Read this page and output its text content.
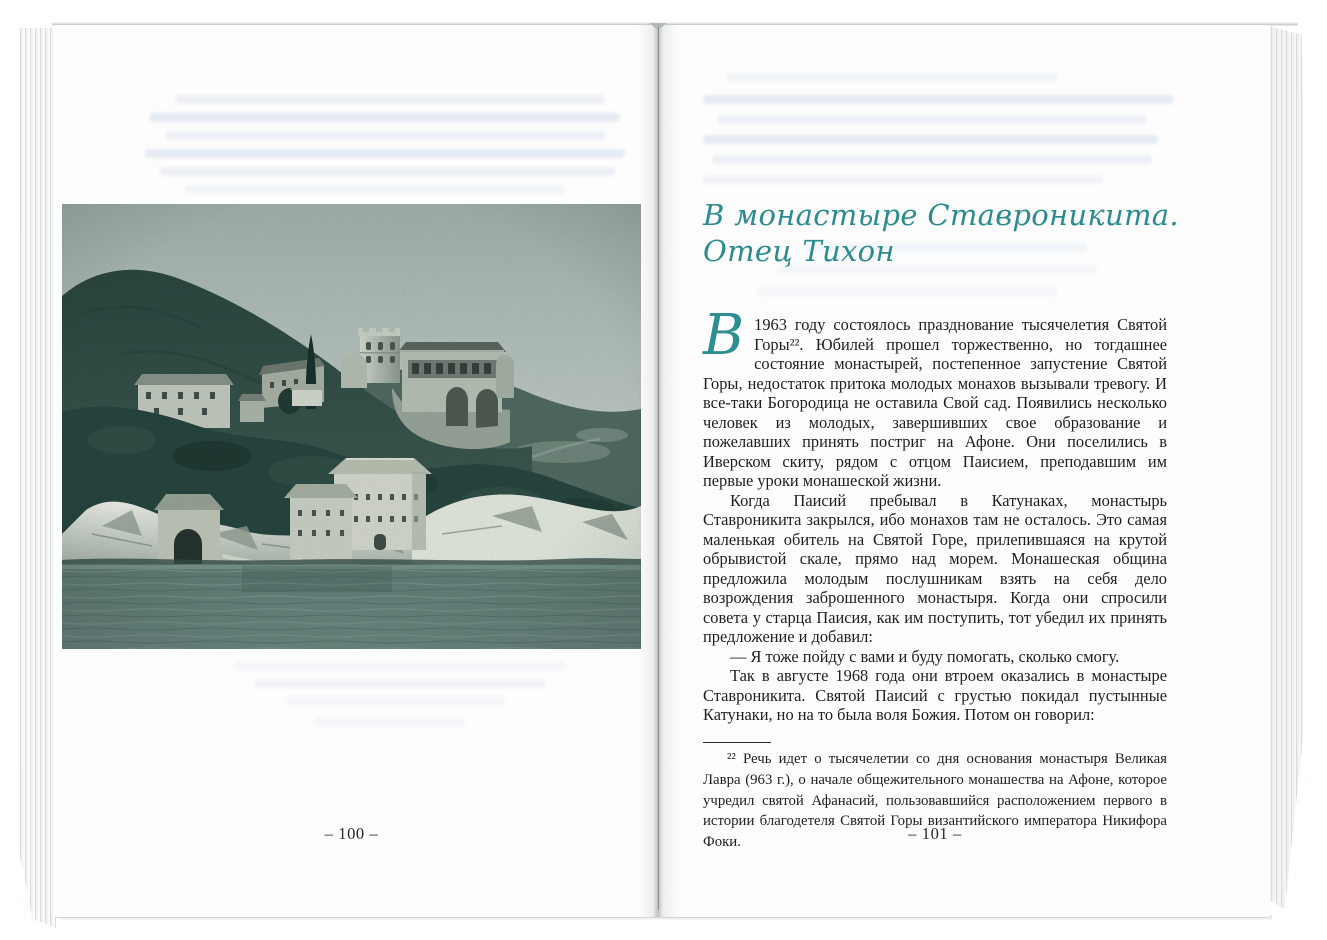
– 100 –
В монастыре Ставроникита.
Отец Тихон

В 1963 году состоялось празднование тысячелетия Святой Горы²². Юбилей прошел торжественно, но тогдашнее состояние монастырей, постепенное запустение Святой Горы, недостаток притока молодых монахов вызывали тревогу. И все-таки Богородица не оставила Свой сад. Появились несколько человек из молодых, завершивших свое образование и пожелавших принять постриг на Афоне. Они поселились в Иверском скиту, рядом с отцом Паисием, преподавшим им первые уроки монашеской жизни.

Когда Паисий пребывал в Катунаках, монастырь Ставроникита закрылся, ибо монахов там не осталось. Это самая маленькая обитель на Святой Горе, прилепившаяся на крутой обрывистой скале, прямо над морем. Монашеская община предложила молодым послушникам взять на себя дело возрождения заброшенного монастыря. Когда они спросили совета у старца Паисия, как им поступить, тот убедил их принять предложение и добавил:

— Я тоже пойду с вами и буду помогать, сколько смогу.

Так в августе 1968 года они втроем оказались в монастыре Ставроникита. Святой Паисий с грустью покидал пустынные Катунаки, но на то была воля Божия. Потом он говорил:

²² Речь идет о тысячелетии со дня основания монастыря Великая Лавра (963 г.), о начале общежительного монашества на Афоне, которое учредил святой Афанасий, пользовавшийся расположением первого в истории благодетеля Святой Горы византийского императора Никифора Фоки.	– 101 –
